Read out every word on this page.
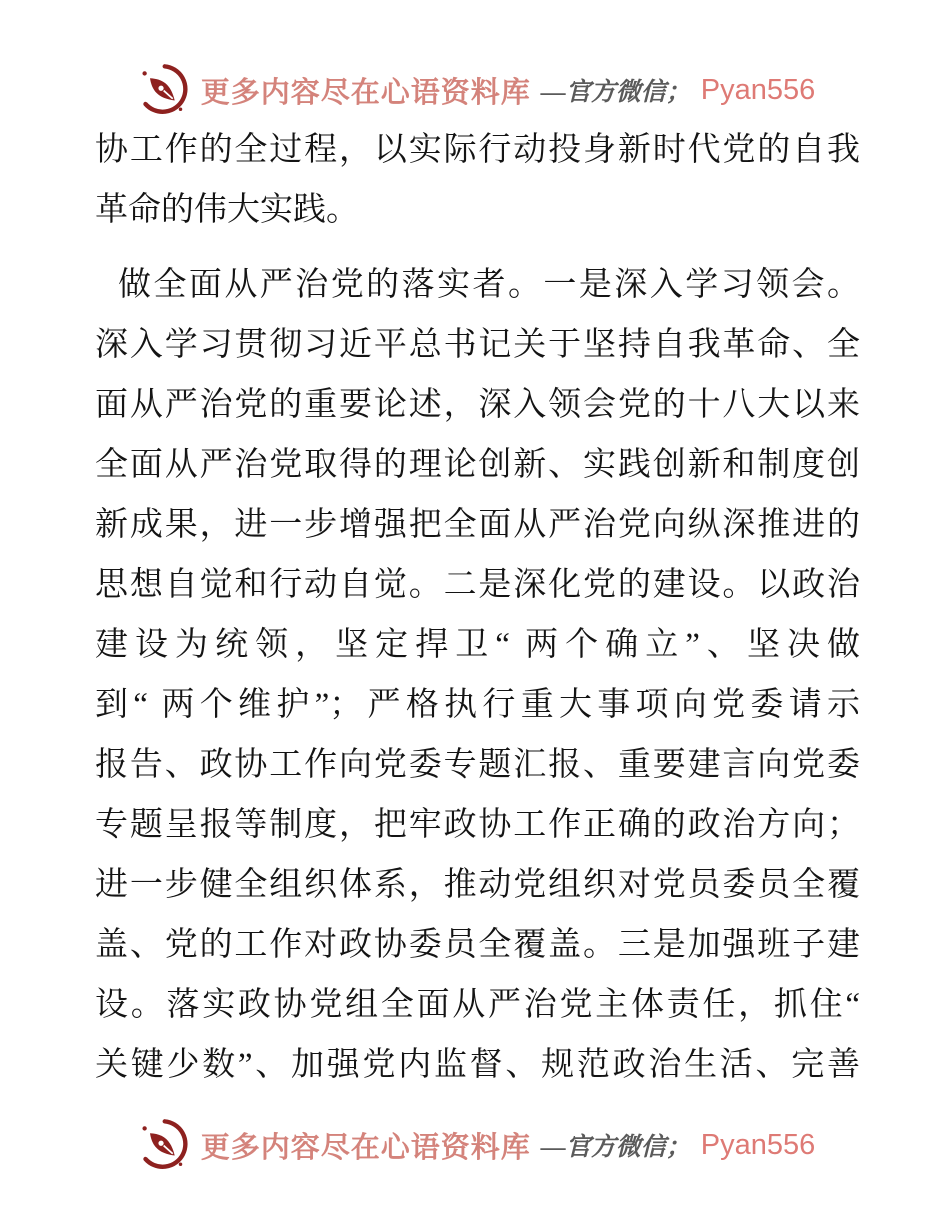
更多内容尽在心语资料库 —官方微信； Pyan556
协工作的全过程，以实际行动投身新时代党的自我
革命的伟大实践。
做全面从严治党的落实者。一是深入学习领会。
深入学习贯彻习近平总书记关于坚持自我革命、全
面从严治党的重要论述，深入领会党的十八大以来
全面从严治党取得的理论创新、实践创新和制度创
新成果，进一步增强把全面从严治党向纵深推进的
思想自觉和行动自觉。二是深化党的建设。以政治
建设为统领，坚定捍卫“ 两个确立”、坚决做
到“ 两个维护”；严格执行重大事项向党委请示
报告、政协工作向党委专题汇报、重要建言向党委
专题呈报等制度，把牢政协工作正确的政治方向；
进一步健全组织体系，推动党组织对党员委员全覆
盖、党的工作对政协委员全覆盖。三是加强班子建
设。落实政协党组全面从严治党主体责任，抓住“
关键少数”、加强党内监督、规范政治生活、完善
更多内容尽在心语资料库 —官方微信； Pyan556
